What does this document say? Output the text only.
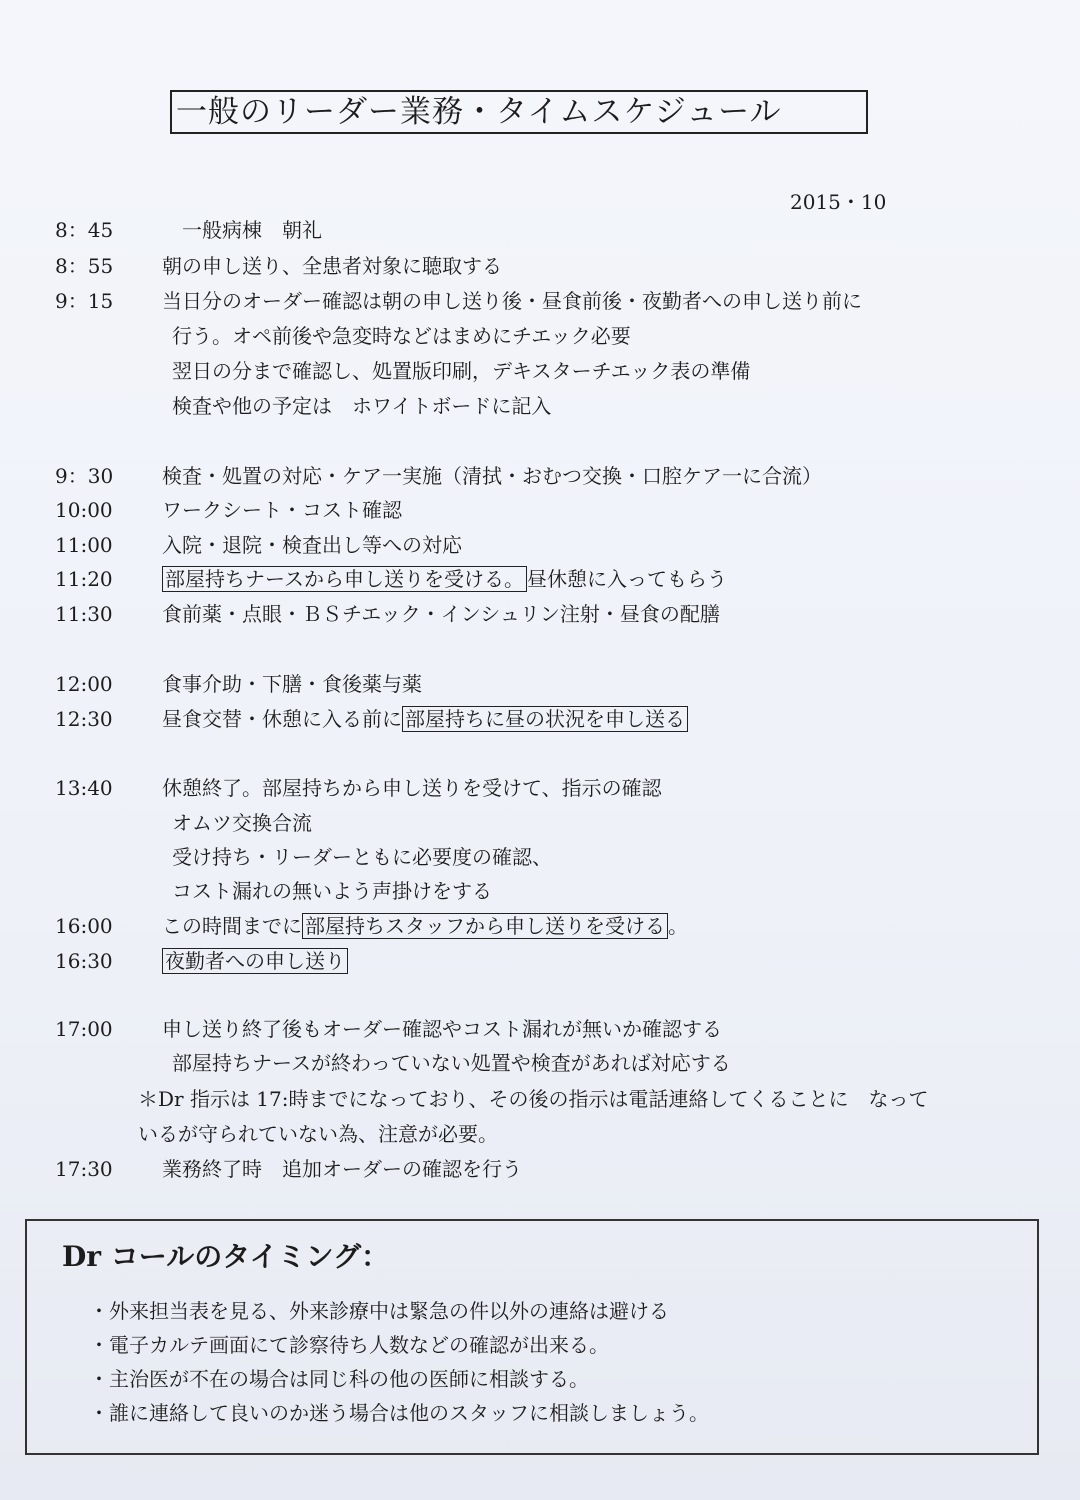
一般のリーダー業務・タイムスケジュール
2015・10
8：45	　一般病棟　朝礼
8：55	朝の申し送り、全患者対象に聴取する
9：15	当日分のオーダー確認は朝の申し送り後・昼食前後・夜勤者への申し送り前に
行う。オペ前後や急変時などはまめにチエック必要
翌日の分まで確認し、処置版印刷，デキスターチエック表の準備
検査や他の予定は　ホワイトボードに記入
9：30	検査・処置の対応・ケア一実施（清拭・おむつ交換・口腔ケア一に合流）
10:00	ワークシート・コスト確認
11:00	入院・退院・検査出し等への対応
11:20	部屋持ちナースから申し送りを受ける。 昼休憩に入ってもらう
11:30	食前薬・点眼・ＢＳチエック・インシュリン注射・昼食の配膳
12:00	食事介助・下膳・食後薬与薬
12:30	昼食交替・休憩に入る前に 部屋持ちに昼の状況を申し送る
13:40	休憩終了。部屋持ちから申し送りを受けて、指示の確認
オムツ交換合流
受け持ち・リーダーともに必要度の確認、
コスト漏れの無いよう声掛けをする
16:00	この時間までに 部屋持ちスタッフから申し送りを受ける 。
16:30	夜勤者への申し送り
17:00	申し送り終了後もオーダー確認やコスト漏れが無いか確認する
部屋持ちナースが終わっていない処置や検査があれば対応する
＊Dr 指示は 17:時までになっており、その後の指示は電話連絡してくることに　なって
いるが守られていない為、注意が必要。
17:30	業務終了時　追加オーダーの確認を行う
Dr コールのタイミング：
・外来担当表を見る、外来診療中は緊急の件以外の連絡は避ける
・電子カルテ画面にて診察待ち人数などの確認が出来る。
・主治医が不在の場合は同じ科の他の医師に相談する。
・誰に連絡して良いのか迷う場合は他のスタッフに相談しましょう。
